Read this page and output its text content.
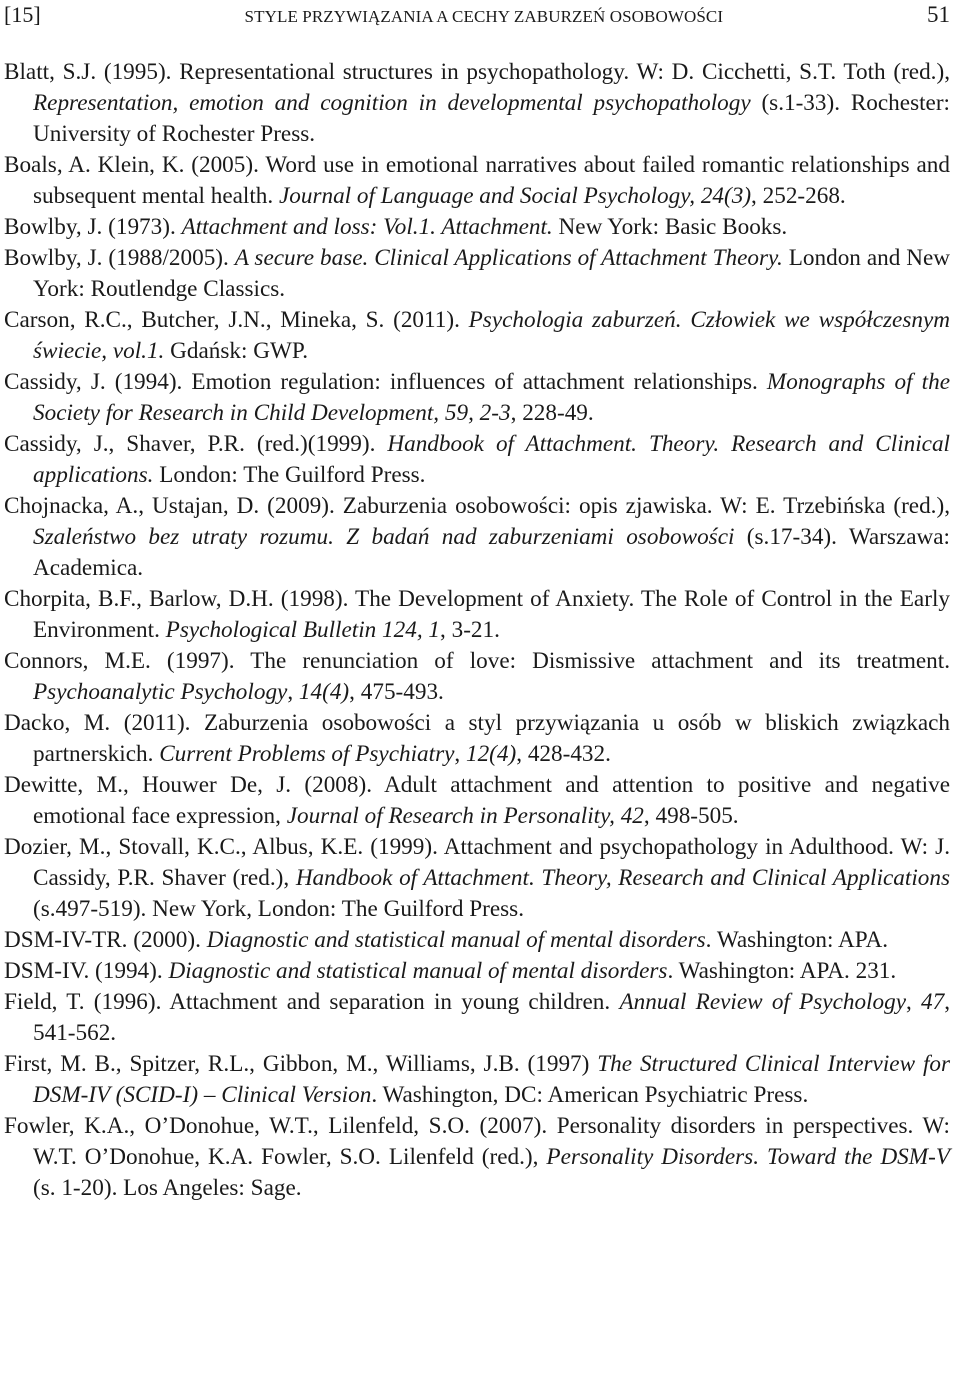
[15]	STYLE PRZYWIĄZANIA A CECHY ZABURZEŃ OSOBOWOŚCI	51

Blatt, S.J. (1995). Representational structures in psychopathology. W: D. Cicchetti, S.T. Toth (red.), Representation, emotion and cognition in developmental psychopathology (s.1-33). Rochester: University of Rochester Press.

Boals, A. Klein, K. (2005). Word use in emotional narratives about failed romantic relationships and subsequent mental health. Journal of Language and Social Psychology, 24(3), 252-268.

Bowlby, J. (1973). Attachment and loss: Vol.1. Attachment. New York: Basic Books.

Bowlby, J. (1988/2005). A secure base. Clinical Applications of Attachment Theory. London and New York: Routlendge Classics.

Carson, R.C., Butcher, J.N., Mineka, S. (2011). Psychologia zaburzeń. Człowiek we współczesnym świecie, vol.1. Gdańsk: GWP.

Cassidy, J. (1994). Emotion regulation: influences of attachment relationships. Monographs of the Society for Research in Child Development, 59, 2-3, 228-49.

Cassidy, J., Shaver, P.R. (red.)(1999). Handbook of Attachment. Theory. Research and Clinical applications. London: The Guilford Press.

Chojnacka, A., Ustajan, D. (2009). Zaburzenia osobowości: opis zjawiska. W: E. Trzebińska (red.), Szaleństwo bez utraty rozumu. Z badań nad zaburzeniami osobowości (s.17-34). Warszawa: Academica.

Chorpita, B.F., Barlow, D.H. (1998). The Development of Anxiety. The Role of Control in the Early Environment. Psychological Bulletin 124, 1, 3-21.

Connors, M.E. (1997). The renunciation of love: Dismissive attachment and its treatment. Psychoanalytic Psychology, 14(4), 475-493.

Dacko, M. (2011). Zaburzenia osobowości a styl przywiązania u osób w bliskich związkach partnerskich. Current Problems of Psychiatry, 12(4), 428-432.

Dewitte, M., Houwer De, J. (2008). Adult attachment and attention to positive and negative emotional face expression, Journal of Research in Personality, 42, 498-505.

Dozier, M., Stovall, K.C., Albus, K.E. (1999). Attachment and psychopathology in Adulthood. W: J. Cassidy, P.R. Shaver (red.), Handbook of Attachment. Theory, Research and Clinical Applications (s.497-519). New York, London: The Guilford Press.

DSM-IV-TR. (2000). Diagnostic and statistical manual of mental disorders. Washington: APA.

DSM-IV. (1994). Diagnostic and statistical manual of mental disorders. Washington: APA. 231.

Field, T. (1996). Attachment and separation in young children. Annual Review of Psychology, 47, 541-562.

First, M. B., Spitzer, R.L., Gibbon, M., Williams, J.B. (1997) The Structured Clinical Interview for DSM-IV (SCID-I) – Clinical Version. Washington, DC: American Psychiatric Press.

Fowler, K.A., O’Donohue, W.T., Lilenfeld, S.O. (2007). Personality disorders in perspectives. W: W.T. O’Donohue, K.A. Fowler, S.O. Lilenfeld (red.), Personality Disorders. Toward the DSM-V (s. 1-20). Los Angeles: Sage.
